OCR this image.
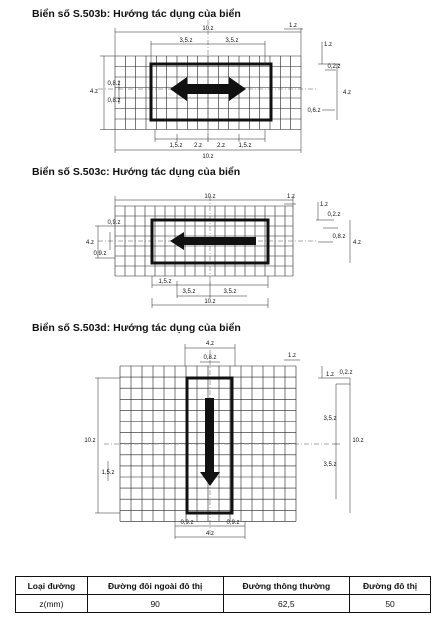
Biển số S.503b: Hướng tác dụng của biển
10.z
3,5.z	3,5.z
1.z
4.z
0,8.z
0,8.z
1.z
0,2.z
0,6.z
4.z
1,5.z 2.z 2.z 1,5.z
10.z
Biển số S.503c: Hướng tác dụng của biển
10.z	1.z
0,9.z
4.z
0,9.z
1.z
0,2.z
0,8.z
4.z
1,5.z
3,5.z	3,5.z
10.z
Biển số S.503d: Hướng tác dụng của biển
4.z
0,8.z	1.z
1.z 0,2.z
10.z
1,5.z
3,5.z
3,5.z
10.z
0,9.z	0,9.z
4.z
Loại đường	Đường đôi ngoài đô thị	Đường thông thường	Đường đô thị
z(mm)	90	62,5	50
